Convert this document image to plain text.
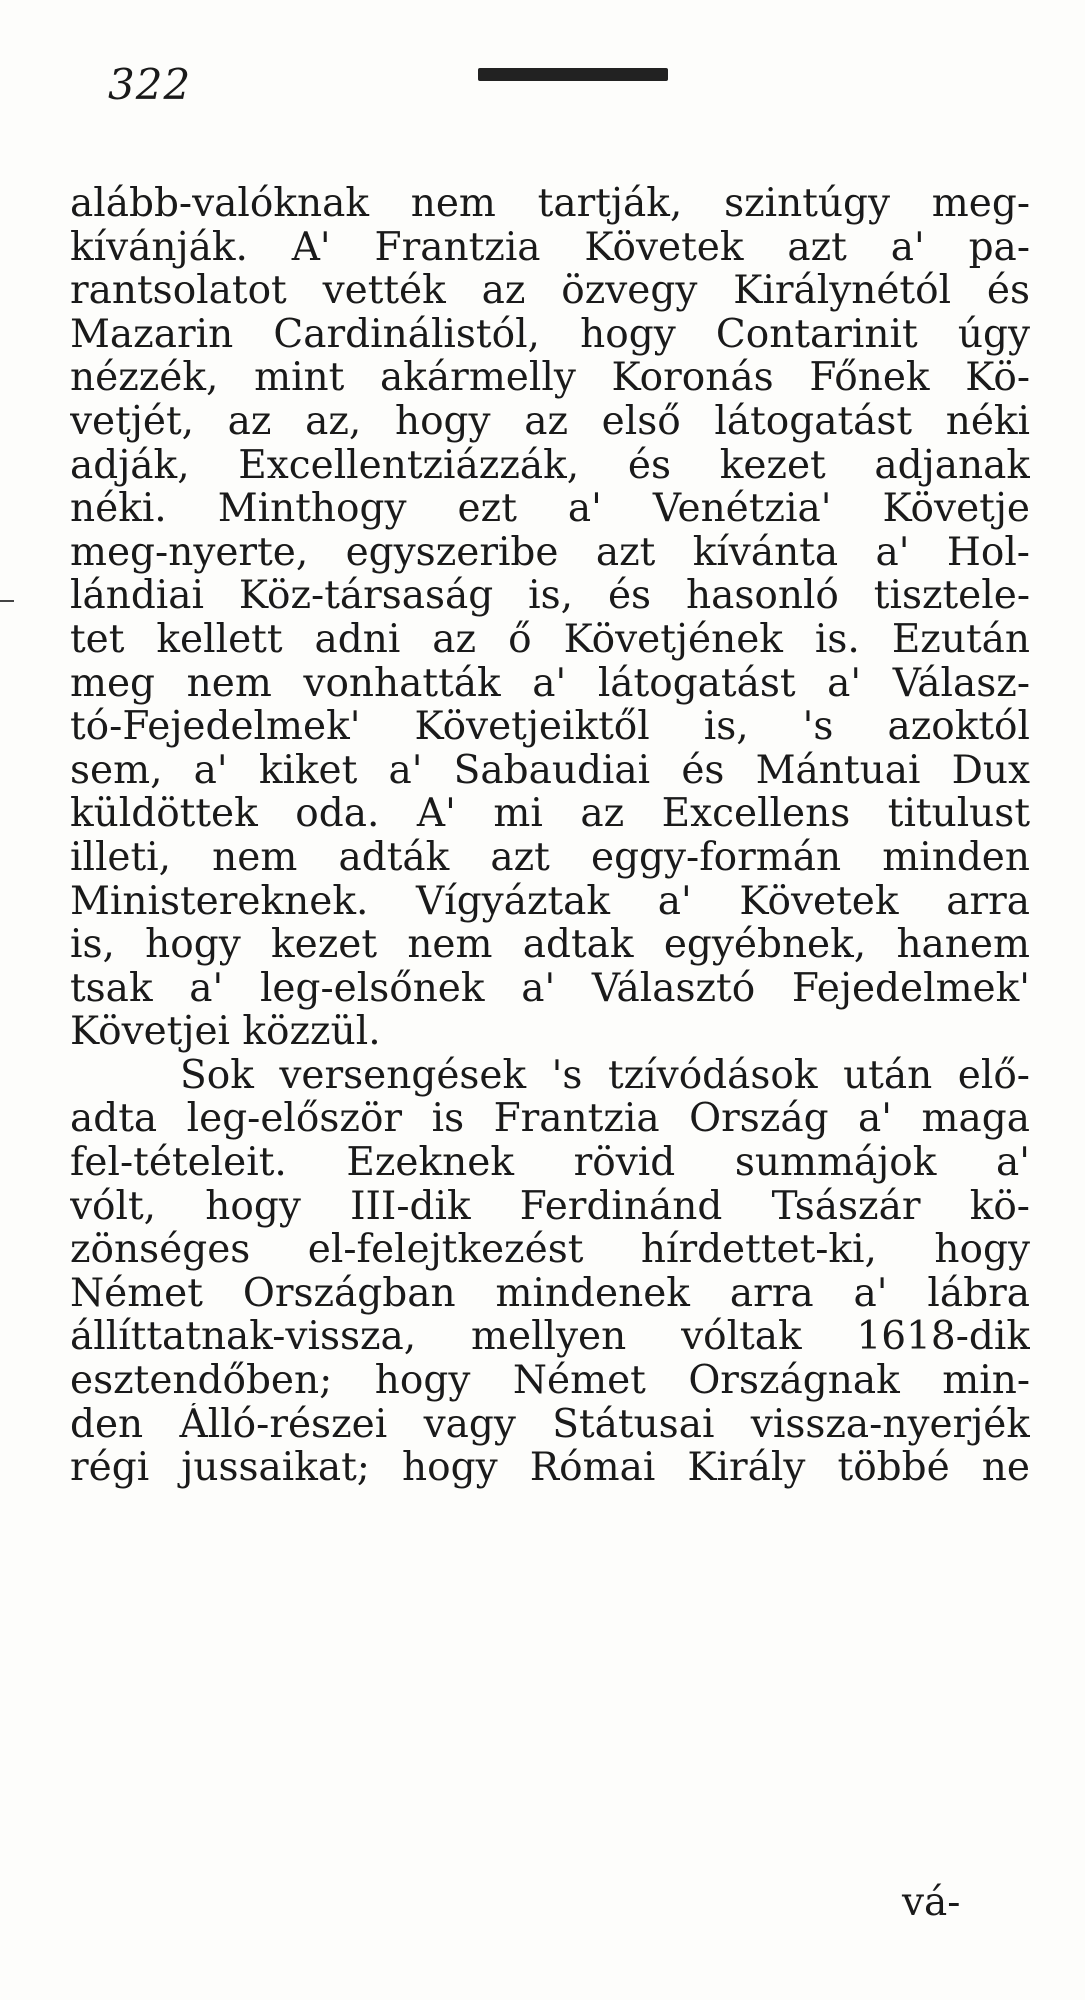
322
alább-valóknak nem tartják, szintúgy meg-
kívánják. A' Frantzia Követek azt a' pa-
rantsolatot vették az özvegy Királynétól és
Mazarin Cardinálistól, hogy Contarinit úgy
nézzék, mint akármelly Koronás Főnek Kö-
vetjét, az az, hogy az első látogatást néki
adják, Excellentziázzák, és kezet adjanak
néki. Minthogy ezt a' Venétzia' Követje
meg-nyerte, egyszeribe azt kívánta a' Hol-
lándiai Köz-társaság is, és hasonló tisztele-
tet kellett adni az ő Követjének is. Ezután
meg nem vonhatták a' látogatást a' Válasz-
tó-Fejedelmek' Követjeiktől is, 's azoktól
sem, a' kiket a' Sabaudiai és Mántuai Dux
küldöttek oda. A' mi az Excellens titulust
illeti, nem adták azt eggy-formán minden
Ministereknek. Vígyáztak a' Követek arra
is, hogy kezet nem adtak egyébnek, hanem
tsak a' leg-elsőnek a' Választó Fejedelmek'
Követjei közzül.
Sok versengések 's tzívódások után elő-
adta leg-először is Frantzia Ország a' maga
fel-tételeit. Ezeknek rövid summájok a'
vólt, hogy III-dik Ferdinánd Tsászár kö-
zönséges el-felejtkezést hírdettet-ki, hogy
Német Országban mindenek arra a' lábra
állíttatnak-vissza, mellyen vóltak 1618-dik
esztendőben; hogy Német Országnak min-
den Álló-részei vagy Státusai vissza-nyerjék
régi jussaikat; hogy Római Király többé ne
vá-
